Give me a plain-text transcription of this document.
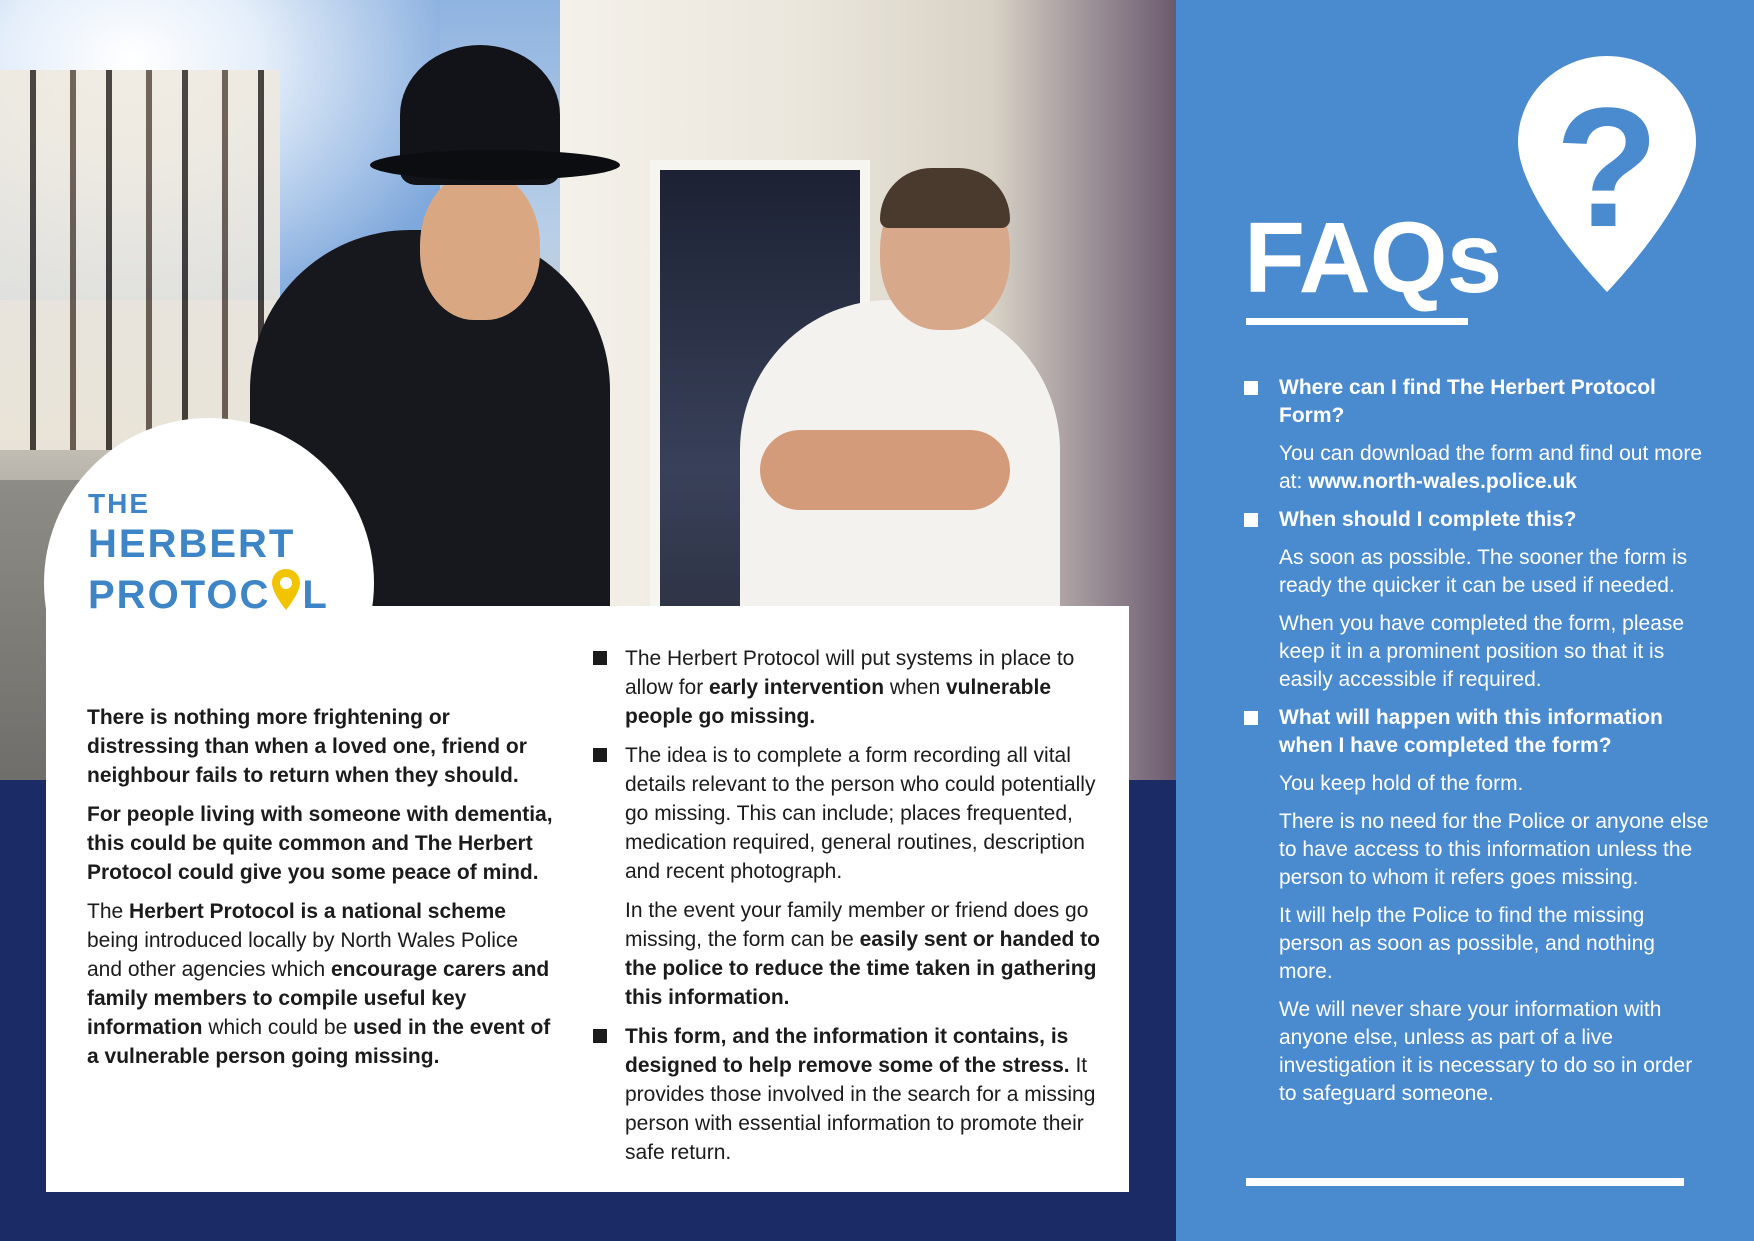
THE
HERBERT
PROTOC L

There is nothing more frightening or distressing than when a loved one, friend or neighbour fails to return when they should.

For people living with someone with dementia, this could be quite common and The Herbert Protocol could give you some peace of mind.

The Herbert Protocol is a national scheme being introduced locally by North Wales Police and other agencies which encourage carers and family members to compile useful key information which could be used in the event of a vulnerable person going missing.

The Herbert Protocol will put systems in place to allow for early intervention when vulnerable people go missing.

The idea is to complete a form recording all vital details relevant to the person who could potentially go missing. This can include; places frequented, medication required, general routines, description and recent photograph.

In the event your family member or friend does go missing, the form can be easily sent or handed to the police to reduce the time taken in gathering this information.

This form, and the information it contains, is designed to help remove some of the stress. It provides those involved in the search for a missing person with essential information to promote their safe return.

?
FAQs

Where can I find The Herbert Protocol Form?

You can download the form and find out more at: www.north-wales.police.uk

When should I complete this?

As soon as possible. The sooner the form is ready the quicker it can be used if needed.

When you have completed the form, please keep it in a prominent position so that it is easily accessible if required.

What will happen with this information when I have completed the form?

You keep hold of the form.

There is no need for the Police or anyone else to have access to this information unless the person to whom it refers goes missing.

It will help the Police to find the missing person as soon as possible, and nothing more.

We will never share your information with anyone else, unless as part of a live investigation it is necessary to do so in order to safeguard someone.
